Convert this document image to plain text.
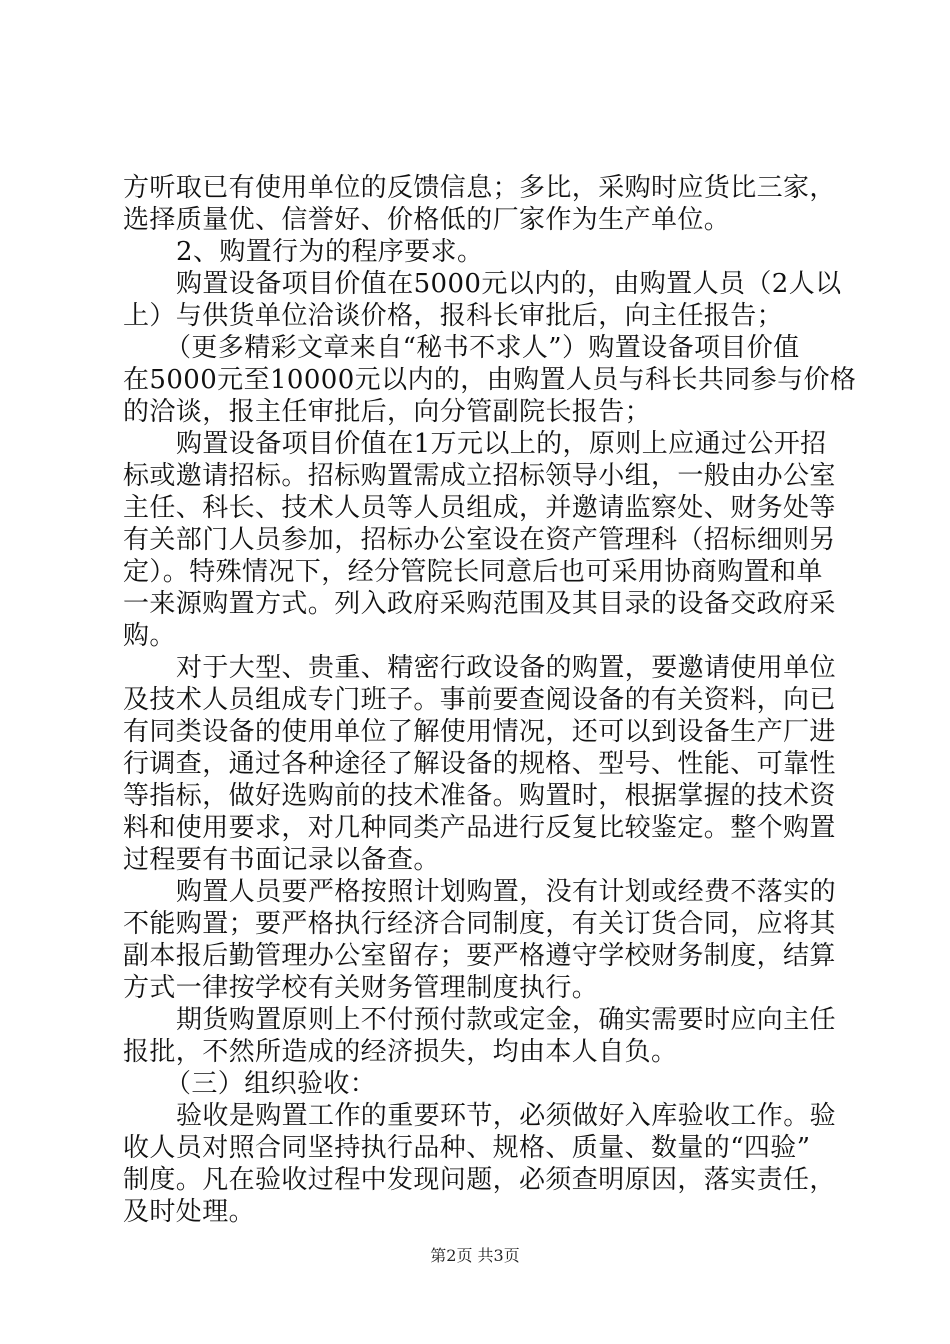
方听取已有使用单位的反馈信息；多比，采购时应货比三家，
选择质量优、信誉好、价格低的厂家作为生产单位。
2、购置行为的程序要求。
购置设备项目价值在5000元以内的，由购置人员（2人以
上）与供货单位洽谈价格，报科长审批后，向主任报告；
（更多精彩文章来自“秘书不求人”）购置设备项目价值
在5000元至10000元以内的，由购置人员与科长共同参与价格
的洽谈，报主任审批后，向分管副院长报告；
购置设备项目价值在1万元以上的，原则上应通过公开招
标或邀请招标。招标购置需成立招标领导小组，一般由办公室
主任、科长、技术人员等人员组成，并邀请监察处、财务处等
有关部门人员参加，招标办公室设在资产管理科（招标细则另
定）。特殊情况下，经分管院长同意后也可采用协商购置和单
一来源购置方式。列入政府采购范围及其目录的设备交政府采
购。
对于大型、贵重、精密行政设备的购置，要邀请使用单位
及技术人员组成专门班子。事前要查阅设备的有关资料，向已
有同类设备的使用单位了解使用情况，还可以到设备生产厂进
行调查，通过各种途径了解设备的规格、型号、性能、可靠性
等指标，做好选购前的技术准备。购置时，根据掌握的技术资
料和使用要求，对几种同类产品进行反复比较鉴定。整个购置
过程要有书面记录以备查。
购置人员要严格按照计划购置，没有计划或经费不落实的
不能购置；要严格执行经济合同制度，有关订货合同，应将其
副本报后勤管理办公室留存；要严格遵守学校财务制度，结算
方式一律按学校有关财务管理制度执行。
期货购置原则上不付预付款或定金，确实需要时应向主任
报批，不然所造成的经济损失，均由本人自负。
（三）组织验收：
验收是购置工作的重要环节，必须做好入库验收工作。验
收人员对照合同坚持执行品种、规格、质量、数量的“四验”
制度。凡在验收过程中发现问题，必须查明原因，落实责任，
及时处理。
第2页 共3页
